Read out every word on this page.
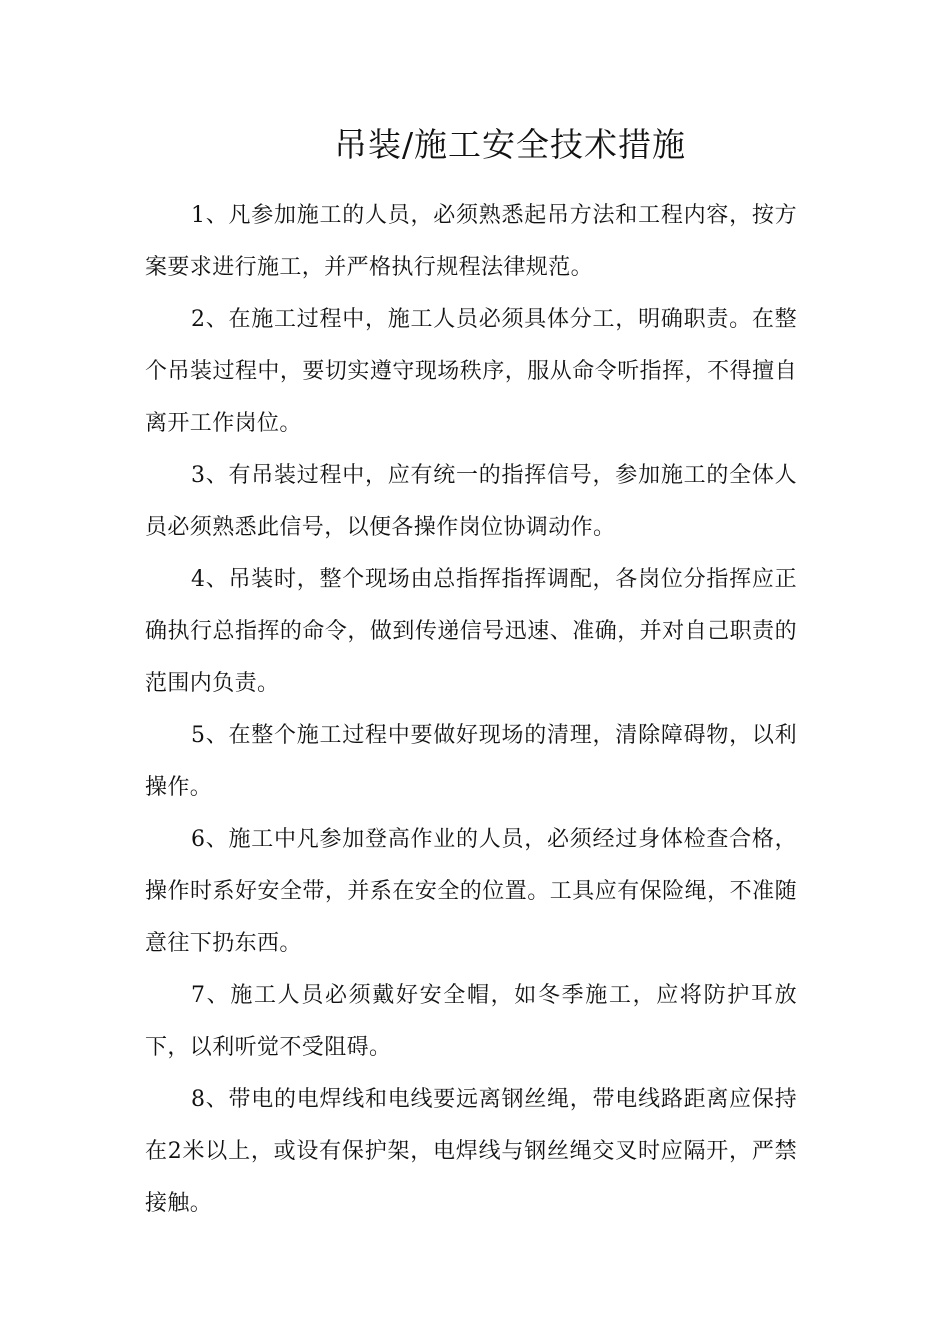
吊装/施工安全技术措施

1、凡参加施工的人员，必须熟悉起吊方法和工程内容，按方案要求进行施工，并严格执行规程法律规范。

2、在施工过程中，施工人员必须具体分工，明确职责。在整个吊装过程中，要切实遵守现场秩序，服从命令听指挥，不得擅自离开工作岗位。

3、有吊装过程中，应有统一的指挥信号，参加施工的全体人员必须熟悉此信号，以便各操作岗位协调动作。

4、吊装时，整个现场由总指挥指挥调配，各岗位分指挥应正确执行总指挥的命令，做到传递信号迅速、准确，并对自己职责的范围内负责。

5、在整个施工过程中要做好现场的清理，清除障碍物，以利操作。

6、施工中凡参加登高作业的人员，必须经过身体检查合格，操作时系好安全带，并系在安全的位置。工具应有保险绳，不准随意往下扔东西。

7、施工人员必须戴好安全帽，如冬季施工，应将防护耳放下，以利听觉不受阻碍。

8、带电的电焊线和电线要远离钢丝绳，带电线路距离应保持在2米以上，或设有保护架，电焊线与钢丝绳交叉时应隔开，严禁接触。
